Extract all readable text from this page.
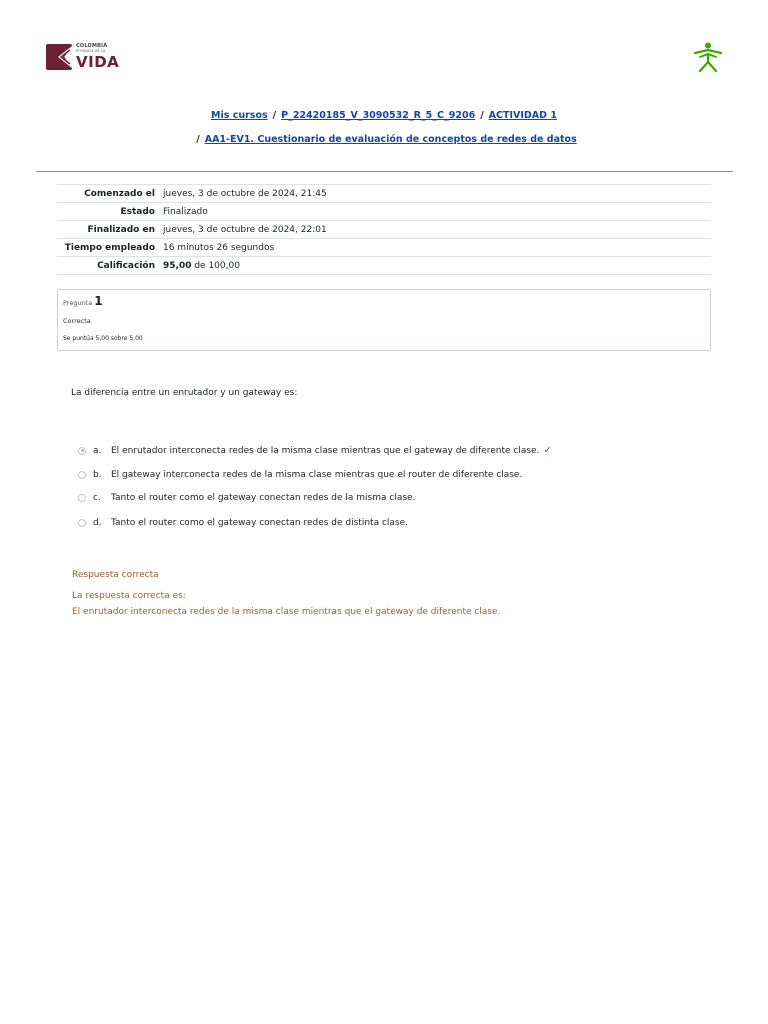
COLOMBIA
POTENCIA DE LA
VIDA
Mis cursos / P_22420185_V_3090532_R_5_C_9206 / ACTIVIDAD 1
/ AA1-EV1. Cuestionario de evaluación de conceptos de redes de datos
Comenzado el	jueves, 3 de octubre de 2024, 21:45
Estado	Finalizado
Finalizado en	jueves, 3 de octubre de 2024, 22:01
Tiempo empleado	16 minutos 26 segundos
Calificación	95,00 de 100,00
Pregunta 1
Correcta
Se puntúa 5,00 sobre 5,00
La diferencia entre un enrutador y un gateway es:
a.	El enrutador interconecta redes de la misma clase mientras que el gateway de diferente clase. ✓
b.	El gateway interconecta redes de la misma clase mientras que el router de diferente clase.
c.	Tanto el router como el gateway conectan redes de la misma clase.
d.	Tanto el router como el gateway conectan redes de distinta clase.
Respuesta correcta
La respuesta correcta es:
El enrutador interconecta redes de la misma clase mientras que el gateway de diferente clase.
